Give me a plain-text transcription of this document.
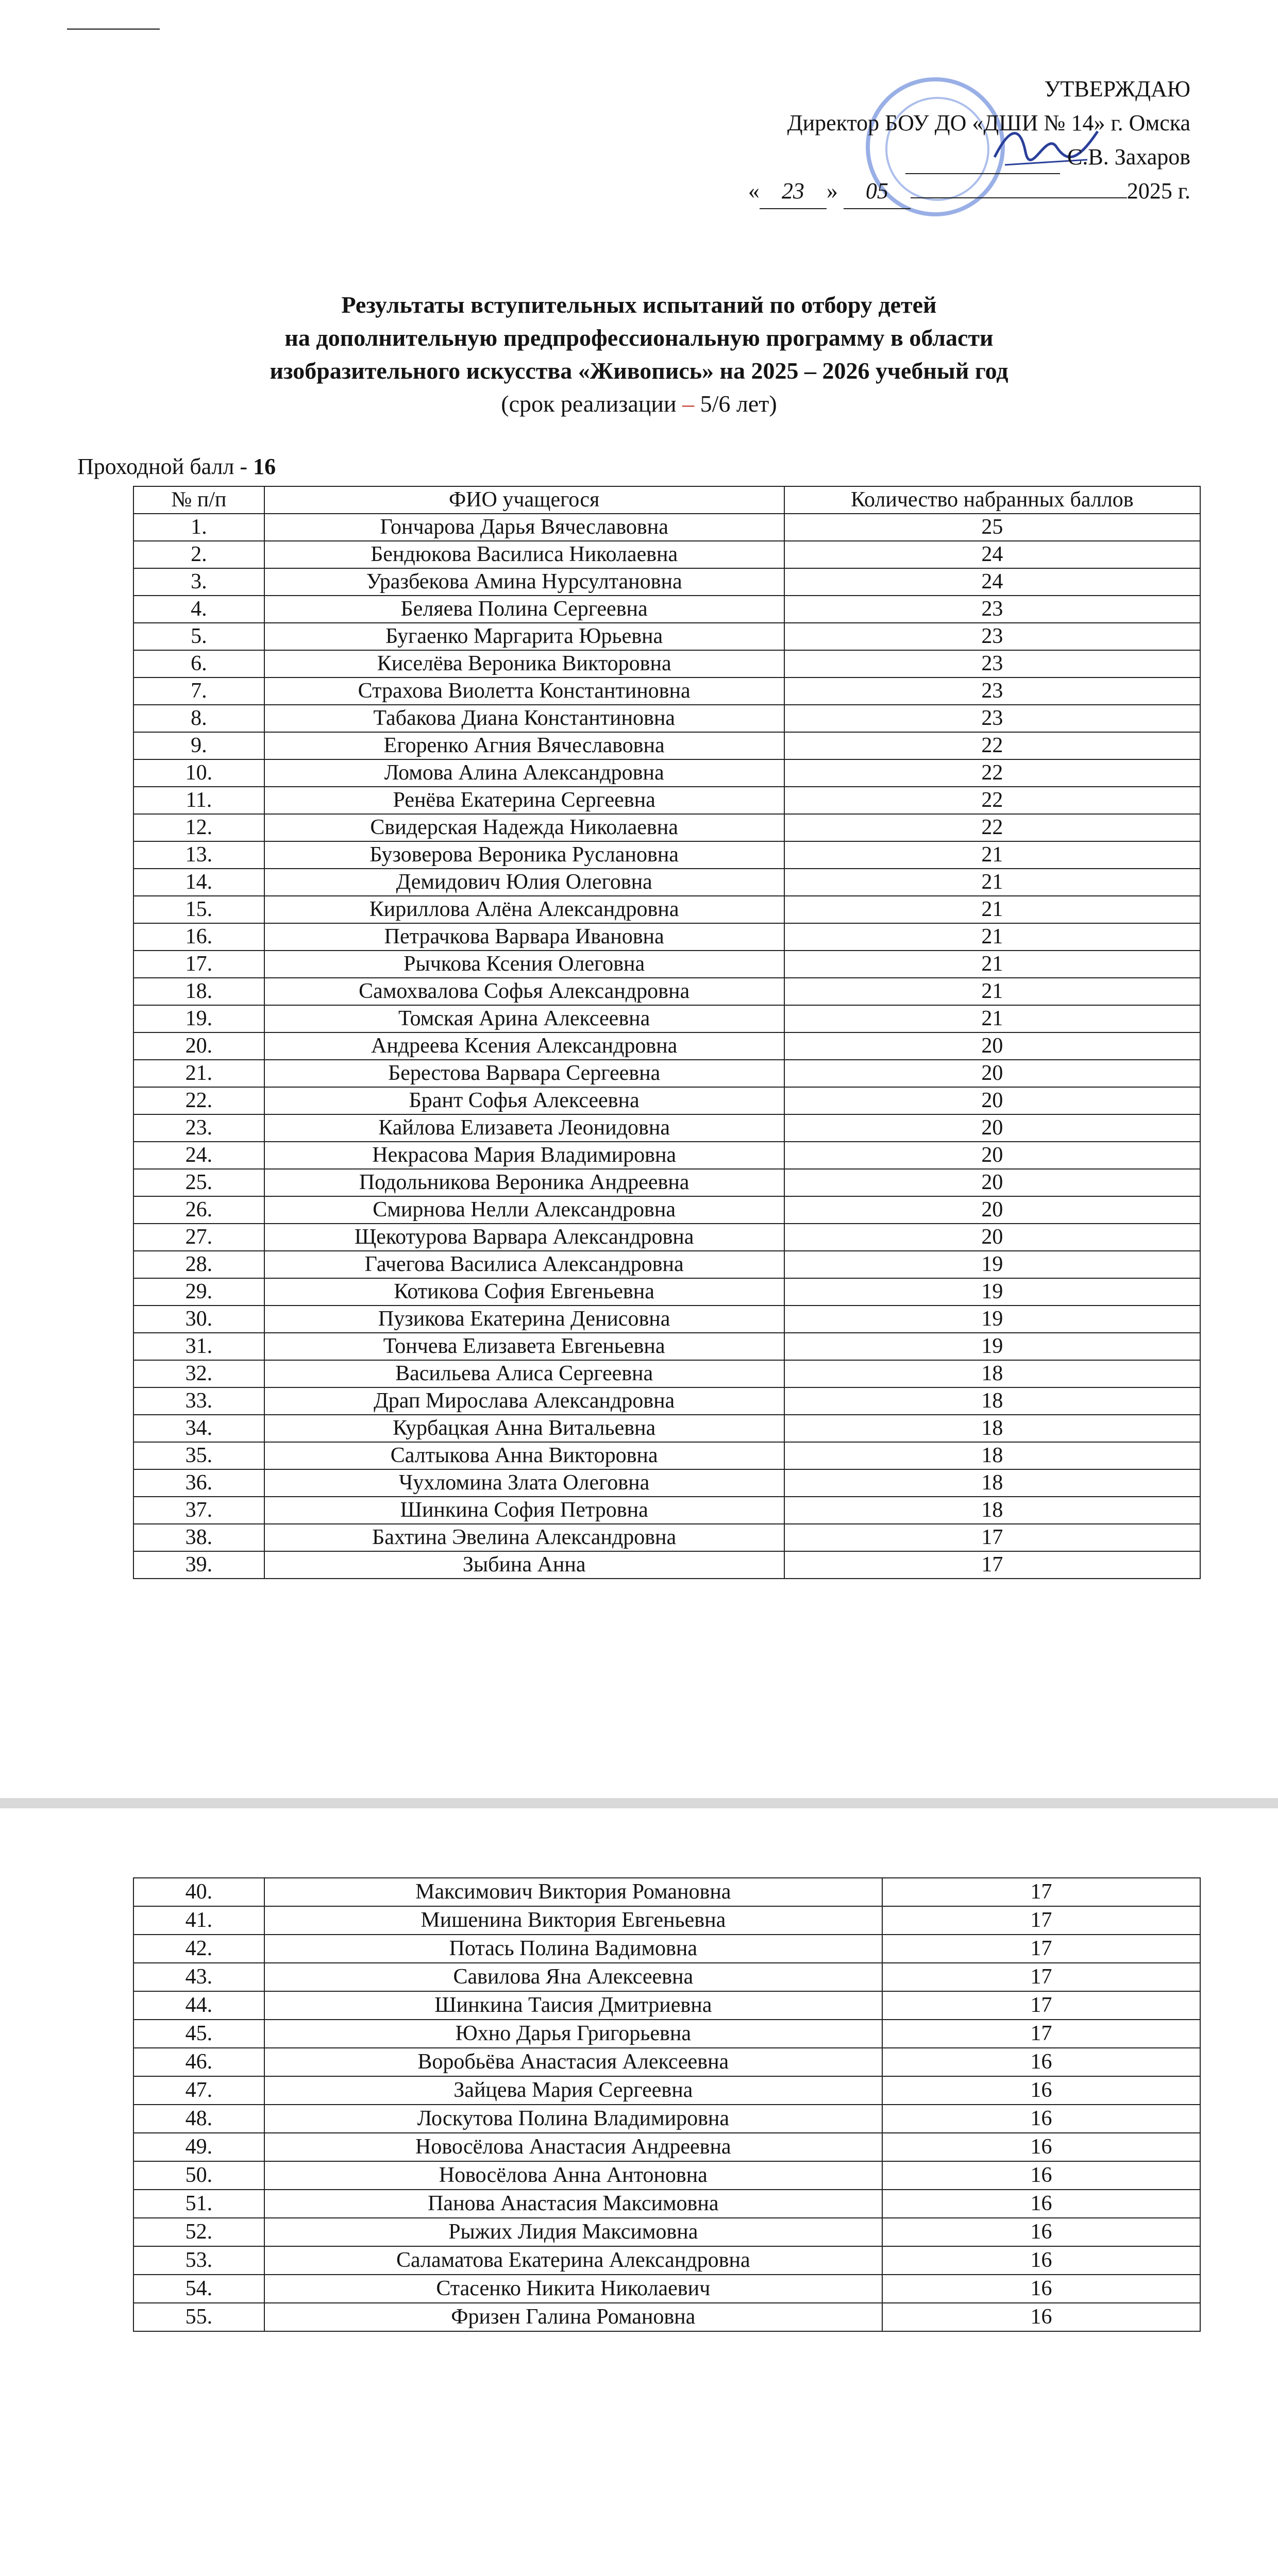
УТВЕРЖДАЮ
Директор БОУ ДО «ДШИ № 14» г. Омска
С.В. Захаров
« 23 » 05	2025 г.
Результаты вступительных испытаний по отбору детей
на дополнительную предпрофессиональную программу в области
изобразительного искусства «Живопись» на 2025 – 2026 учебный год
(срок реализации – 5/6 лет)
Проходной балл - 16
№ п/п	ФИО учащегося	Количество набранных баллов
1.	Гончарова Дарья Вячеславовна	25
2.	Бендюкова Василиса Николаевна	24
3.	Уразбекова Амина Нурсултановна	24
4.	Беляева Полина Сергеевна	23
5.	Бугаенко Маргарита Юрьевна	23
6.	Киселёва Вероника Викторовна	23
7.	Страхова Виолетта Константиновна	23
8.	Табакова Диана Константиновна	23
9.	Егоренко Агния Вячеславовна	22
10.	Ломова Алина Александровна	22
11.	Ренёва Екатерина Сергеевна	22
12.	Свидерская Надежда Николаевна	22
13.	Бузоверова Вероника Руслановна	21
14.	Демидович Юлия Олеговна	21
15.	Кириллова Алёна Александровна	21
16.	Петрачкова Варвара Ивановна	21
17.	Рычкова Ксения Олеговна	21
18.	Самохвалова Софья Александровна	21
19.	Томская Арина Алексеевна	21
20.	Андреева Ксения Александровна	20
21.	Берестова Варвара Сергеевна	20
22.	Брант Софья Алексеевна	20
23.	Кайлова Елизавета Леонидовна	20
24.	Некрасова Мария Владимировна	20
25.	Подольникова Вероника Андреевна	20
26.	Смирнова Нелли Александровна	20
27.	Щекотурова Варвара Александровна	20
28.	Гачегова Василиса Александровна	19
29.	Котикова София Евгеньевна	19
30.	Пузикова Екатерина Денисовна	19
31.	Тончева Елизавета Евгеньевна	19
32.	Васильева Алиса Сергеевна	18
33.	Драп Мирослава Александровна	18
34.	Курбацкая Анна Витальевна	18
35.	Салтыкова Анна Викторовна	18
36.	Чухломина Злата Олеговна	18
37.	Шинкина София Петровна	18
38.	Бахтина Эвелина Александровна	17
39.	Зыбина Анна	17
40.	Максимович Виктория Романовна	17
41.	Мишенина Виктория Евгеньевна	17
42.	Потась Полина Вадимовна	17
43.	Савилова Яна Алексеевна	17
44.	Шинкина Таисия Дмитриевна	17
45.	Юхно Дарья Григорьевна	17
46.	Воробьёва Анастасия Алексеевна	16
47.	Зайцева Мария Сергеевна	16
48.	Лоскутова Полина Владимировна	16
49.	Новосёлова Анастасия Андреевна	16
50.	Новосёлова Анна Антоновна	16
51.	Панова Анастасия Максимовна	16
52.	Рыжих Лидия Максимовна	16
53.	Саламатова Екатерина Александровна	16
54.	Стасенко Никита Николаевич	16
55.	Фризен Галина Романовна	16
